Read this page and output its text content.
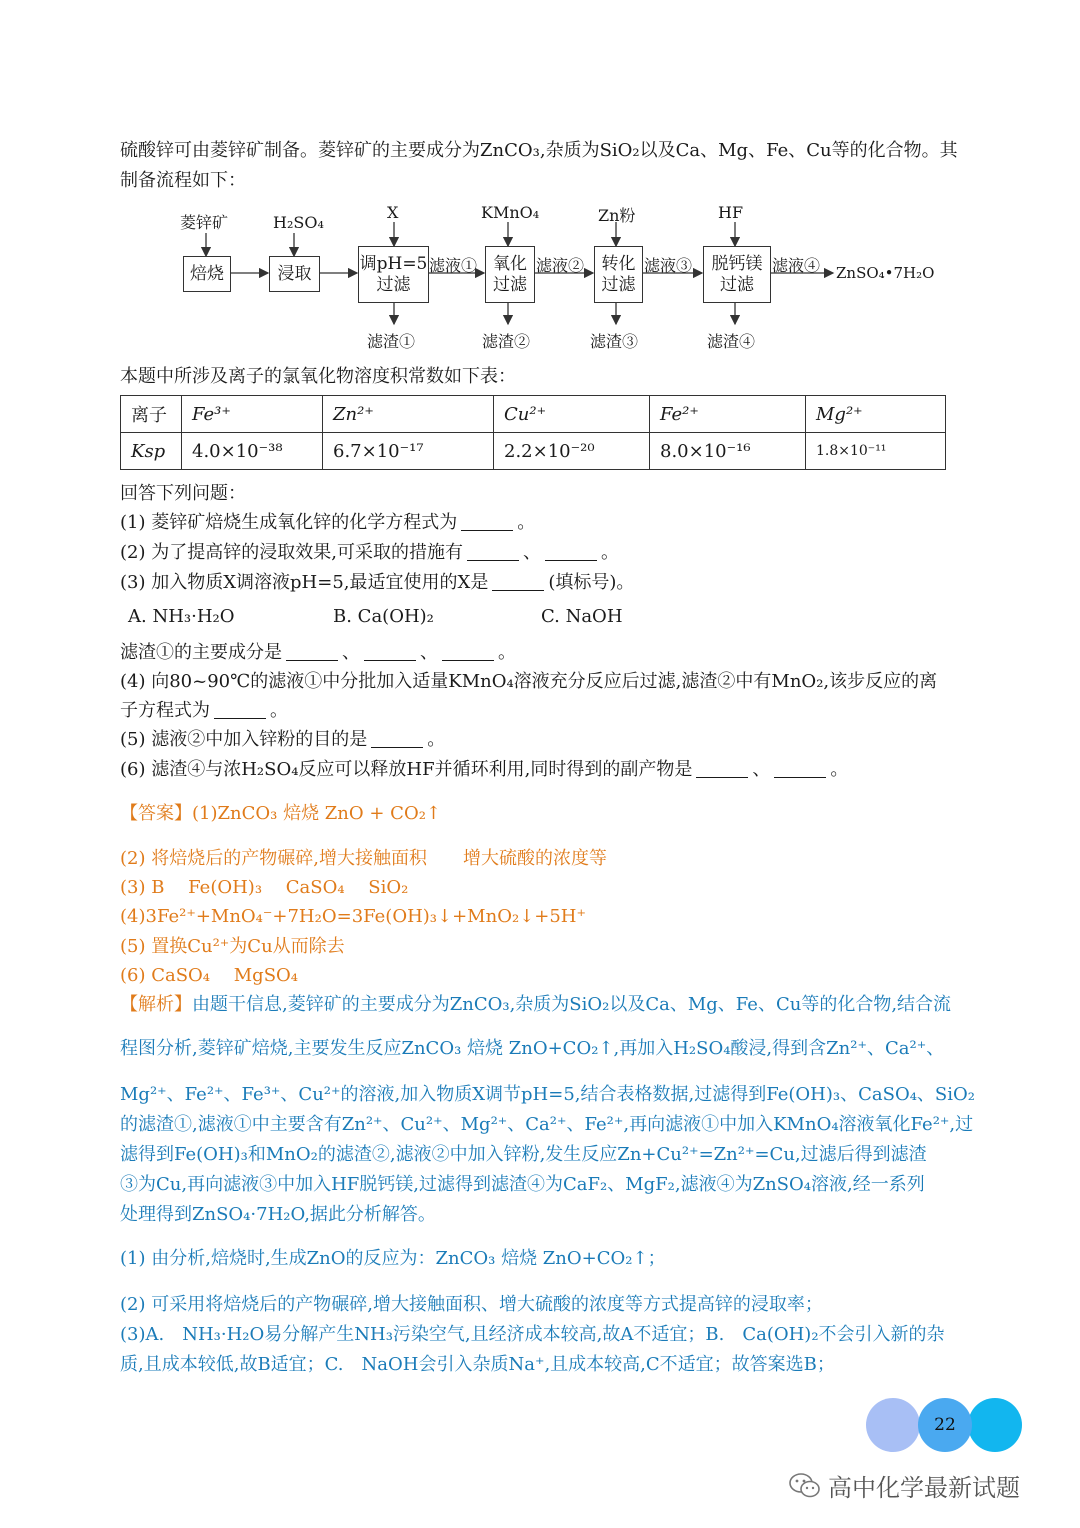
硫酸锌可由菱锌矿制备。菱锌矿的主要成分为ZnCO₃,杂质为SiO₂以及Ca、Mg、Fe、Cu等的化合物。其
制备流程如下：
菱锌矿	H₂SO₄
X	KMnO₄	Zn粉	HF
焙烧	浸取	调pH=5
过滤
氧化
过滤
转化
过滤
脱钙镁
过滤
滤液①	滤液②	滤液③	滤液④ ZnSO₄•7H₂O
滤渣①	滤渣②	滤渣③	滤渣④
本题中所涉及离子的氯氧化物溶度积常数如下表：
离子	Fe³⁺	Zn²⁺	Cu²⁺	Fe²⁺	Mg²⁺
Ksp	4.0×10⁻³⁸	6.7×10⁻¹⁷	2.2×10⁻²⁰	8.0×10⁻¹⁶	1.8×10⁻¹¹
回答下列问题：
(1) 菱锌矿焙烧生成氧化锌的化学方程式为	。
(2) 为了提高锌的浸取效果,可采取的措施有	、	。
(3) 加入物质X调溶液pH=5,最适宜使用的X是	(填标号)。
A. NH₃·H₂O	B. Ca(OH)₂	C. NaOH
滤渣①的主要成分是	、	、	。
(4) 向80~90℃的滤液①中分批加入适量KMnO₄溶液充分反应后过滤,滤渣②中有MnO₂,该步反应的离
子方程式为	。
(5) 滤液②中加入锌粉的目的是	。
(6) 滤渣④与浓H₂SO₄反应可以释放HF并循环利用,同时得到的副产物是	、	。
【答案】(1)ZnCO₃ 焙烧 ZnO + CO₂↑
(2) 将焙烧后的产物碾碎,增大接触面积　　增大硫酸的浓度等
(3) B　 Fe(OH)₃　 CaSO₄　 SiO₂
(4)3Fe²⁺+MnO₄⁻+7H₂O=3Fe(OH)₃↓+MnO₂↓+5H⁺
(5) 置换Cu²⁺为Cu从而除去
(6) CaSO₄　 MgSO₄
【解析】由题干信息,菱锌矿的主要成分为ZnCO₃,杂质为SiO₂以及Ca、Mg、Fe、Cu等的化合物,结合流
程图分析,菱锌矿焙烧,主要发生反应ZnCO₃ 焙烧 ZnO+CO₂↑,再加入H₂SO₄酸浸,得到含Zn²⁺、Ca²⁺、
Mg²⁺、Fe²⁺、Fe³⁺、Cu²⁺的溶液,加入物质X调节pH=5,结合表格数据,过滤得到Fe(OH)₃、CaSO₄、SiO₂
的滤渣①,滤液①中主要含有Zn²⁺、Cu²⁺、Mg²⁺、Ca²⁺、Fe²⁺,再向滤液①中加入KMnO₄溶液氧化Fe²⁺,过
滤得到Fe(OH)₃和MnO₂的滤渣②,滤液②中加入锌粉,发生反应Zn+Cu²⁺=Zn²⁺=Cu,过滤后得到滤渣
③为Cu,再向滤液③中加入HF脱钙镁,过滤得到滤渣④为CaF₂、MgF₂,滤液④为ZnSO₄溶液,经一系列
处理得到ZnSO₄·7H₂O,据此分析解答。
(1) 由分析,焙烧时,生成ZnO的反应为：ZnCO₃ 焙烧 ZnO+CO₂↑；
(2) 可采用将焙烧后的产物碾碎,增大接触面积、增大硫酸的浓度等方式提高锌的浸取率；
(3)A.　NH₃·H₂O易分解产生NH₃污染空气,且经济成本较高,故A不适宜；B.　Ca(OH)₂不会引入新的杂
质,且成本较低,故B适宜；C.　NaOH会引入杂质Na⁺,且成本较高,C不适宜；故答案选B；
22
高中化学最新试题
